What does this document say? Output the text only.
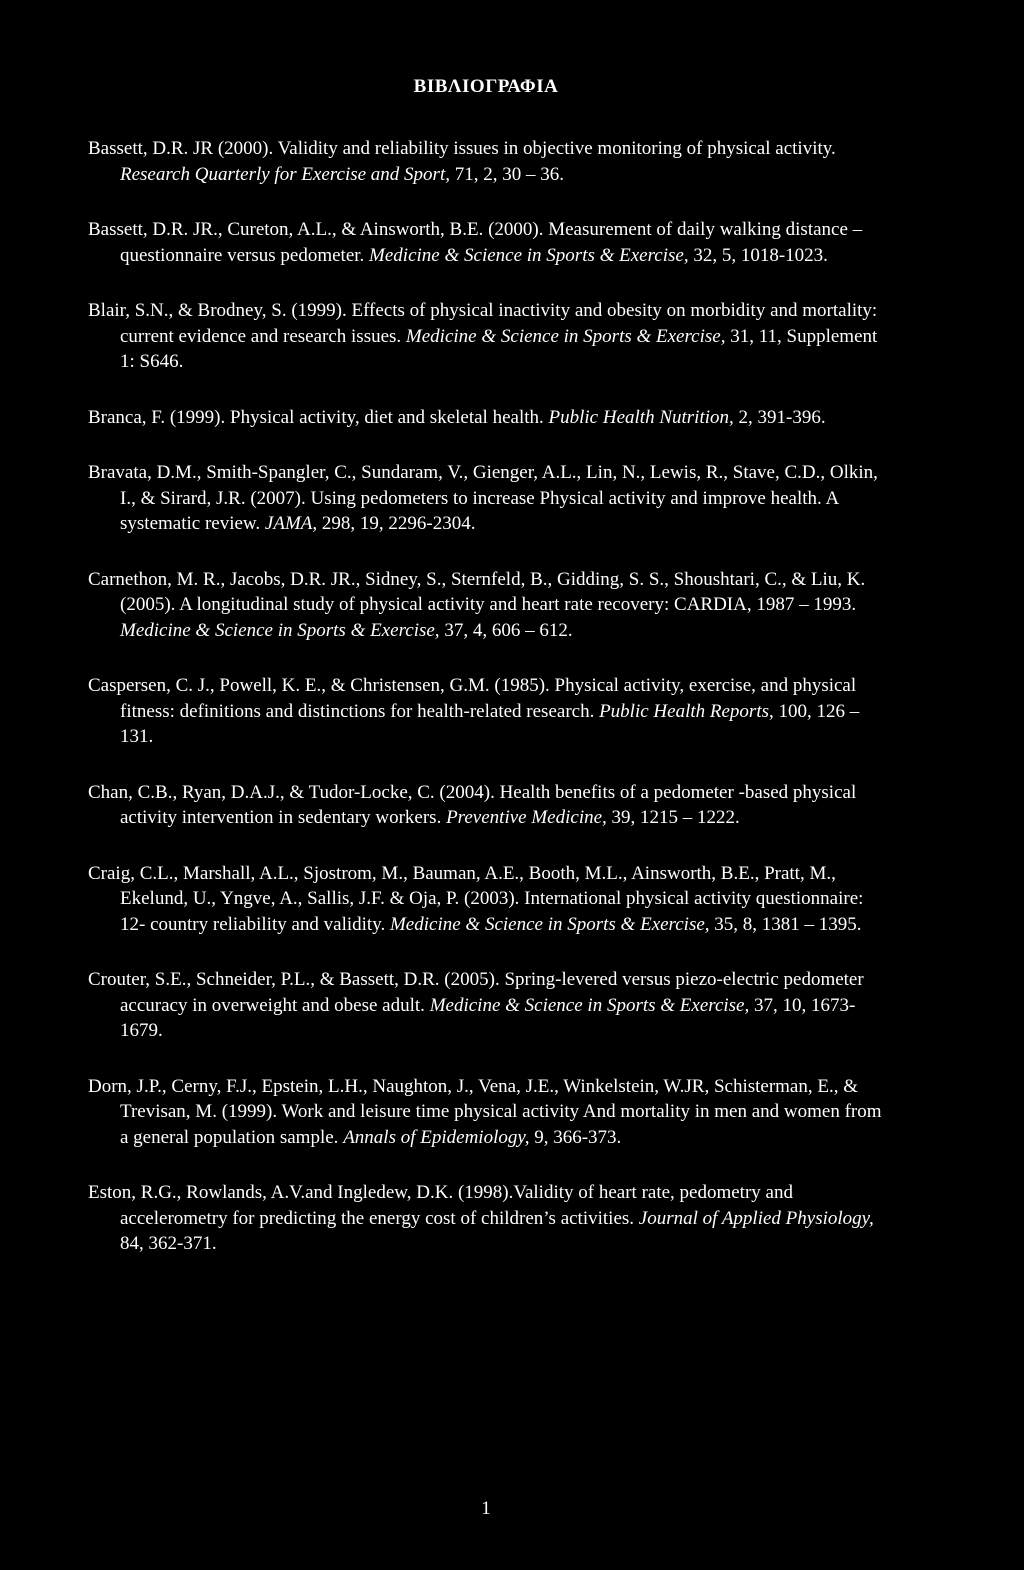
ΒΙΒΛΙΟΓΡΑΦΙΑ

Bassett, D.R. JR (2000). Validity and reliability issues in objective monitoring of physical activity. Research Quarterly for Exercise and Sport, 71, 2, 30 – 36.

Bassett, D.R. JR., Cureton, A.L., & Ainsworth, B.E. (2000). Measurement of daily walking distance – questionnaire versus pedometer. Medicine & Science in Sports & Exercise, 32, 5, 1018-1023.

Blair, S.N., & Brodney, S. (1999). Effects of physical inactivity and obesity on morbidity and mortality: current evidence and research issues. Medicine & Science in Sports & Exercise, 31, 11, Supplement 1: S646.

Branca, F. (1999). Physical activity, diet and skeletal health. Public Health Nutrition, 2, 391-396.

Bravata, D.M., Smith-Spangler, C., Sundaram, V., Gienger, A.L., Lin, N., Lewis, R., Stave, C.D., Olkin, I., & Sirard, J.R. (2007). Using pedometers to increase Physical activity and improve health. A systematic review. JAMA, 298, 19, 2296-2304.

Carnethon, M. R., Jacobs, D.R. JR., Sidney, S., Sternfeld, B., Gidding, S. S., Shoushtari, C., & Liu, K. (2005). A longitudinal study of physical activity and heart rate recovery: CARDIA, 1987 – 1993. Medicine & Science in Sports & Exercise, 37, 4, 606 – 612.

Caspersen, C. J., Powell, K. E., & Christensen, G.M. (1985). Physical activity, exercise, and physical fitness: definitions and distinctions for health-related research. Public Health Reports, 100, 126 – 131.

Chan, C.B., Ryan, D.A.J., & Tudor-Locke, C. (2004). Health benefits of a pedometer -based physical activity intervention in sedentary workers. Preventive Medicine, 39, 1215 – 1222.

Craig, C.L., Marshall, A.L., Sjostrom, M., Bauman, A.E., Booth, M.L., Ainsworth, B.E., Pratt, M., Ekelund, U., Yngve, A., Sallis, J.F. & Oja, P. (2003). International physical activity questionnaire: 12- country reliability and validity. Medicine & Science in Sports & Exercise, 35, 8, 1381 – 1395.

Crouter, S.E., Schneider, P.L., & Bassett, D.R. (2005). Spring-levered versus piezo-electric pedometer accuracy in overweight and obese adult. Medicine & Science in Sports & Exercise, 37, 10, 1673-1679.

Dorn, J.P., Cerny, F.J., Epstein, L.H., Naughton, J., Vena, J.E., Winkelstein, W.JR, Schisterman, E., & Trevisan, M. (1999). Work and leisure time physical activity And mortality in men and women from a general population sample. Annals of Epidemiology, 9, 366-373.

Eston, R.G., Rowlands, A.V.and Ingledew, D.K. (1998).Validity of heart rate, pedometry and accelerometry for predicting the energy cost of children’s activities. Journal of Applied Physiology, 84, 362-371.

1
